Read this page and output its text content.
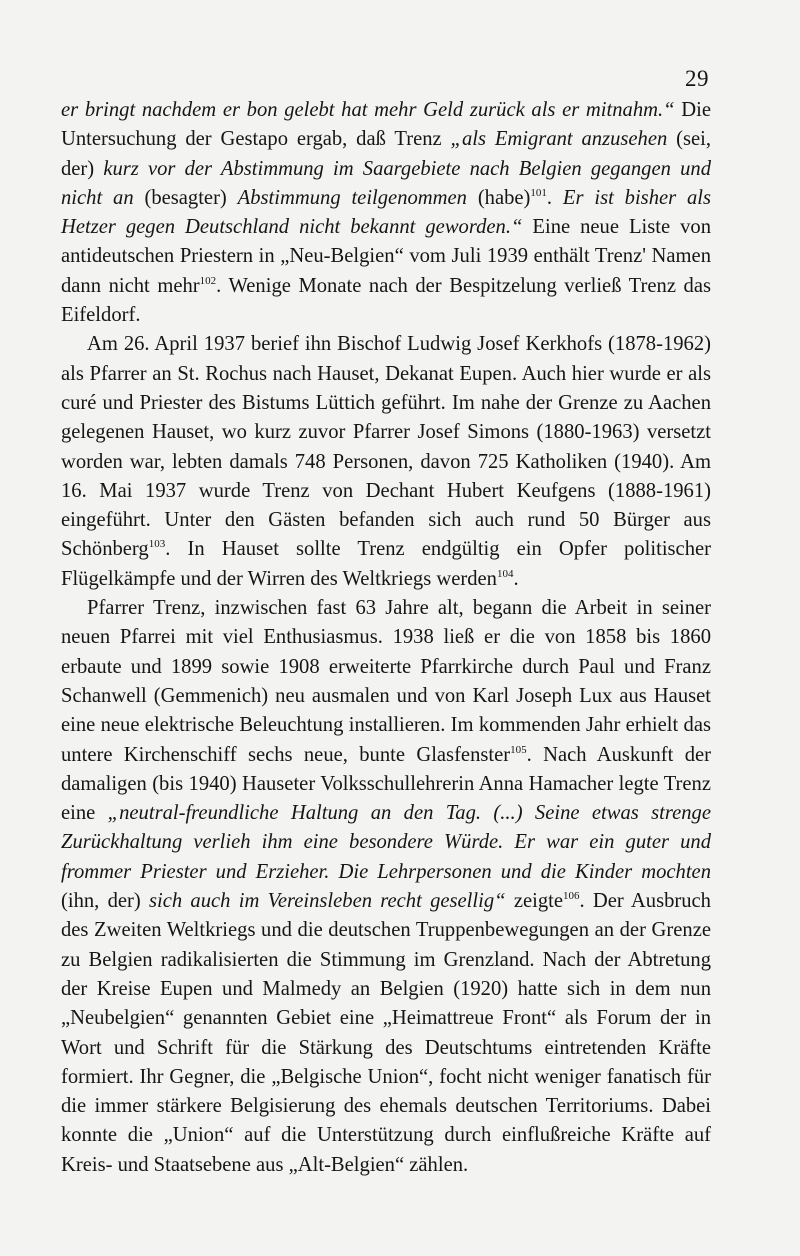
29

er bringt nachdem er bon gelebt hat mehr Geld zurück als er mitnahm.“ Die Untersuchung der Gestapo ergab, daß Trenz „als Emigrant anzusehen (sei, der) kurz vor der Abstimmung im Saargebiete nach Belgien gegangen und nicht an (besagter) Abstimmung teilgenommen (habe)$^{101}$. Er ist bisher als Hetzer gegen Deutschland nicht bekannt geworden.“ Eine neue Liste von antideutschen Priestern in „Neu-Belgien“ vom Juli 1939 enthält Trenz' Namen dann nicht mehr$^{102}$. Wenige Monate nach der Bespitzelung verließ Trenz das Eifeldorf.

Am 26. April 1937 berief ihn Bischof Ludwig Josef Kerkhofs (1878-1962) als Pfarrer an St. Rochus nach Hauset, Dekanat Eupen. Auch hier wurde er als curé und Priester des Bistums Lüttich geführt. Im nahe der Grenze zu Aachen gelegenen Hauset, wo kurz zuvor Pfarrer Josef Simons (1880-1963) versetzt worden war, lebten damals 748 Personen, davon 725 Katholiken (1940). Am 16. Mai 1937 wurde Trenz von Dechant Hubert Keufgens (1888-1961) eingeführt. Unter den Gästen befanden sich auch rund 50 Bürger aus Schönberg$^{103}$. In Hauset sollte Trenz endgültig ein Opfer politischer Flügelkämpfe und der Wirren des Weltkriegs werden$^{104}$.

Pfarrer Trenz, inzwischen fast 63 Jahre alt, begann die Arbeit in seiner neuen Pfarrei mit viel Enthusiasmus. 1938 ließ er die von 1858 bis 1860 erbaute und 1899 sowie 1908 erweiterte Pfarrkirche durch Paul und Franz Schanwell (Gemmenich) neu ausmalen und von Karl Joseph Lux aus Hauset eine neue elektrische Beleuchtung installieren. Im kommenden Jahr erhielt das untere Kirchenschiff sechs neue, bunte Glasfenster$^{105}$. Nach Auskunft der damaligen (bis 1940) Hauseter Volksschullehrerin Anna Hamacher legte Trenz eine „neutral-freundliche Haltung an den Tag. (...) Seine etwas strenge Zurückhaltung verlieh ihm eine besondere Würde. Er war ein guter und frommer Priester und Erzieher. Die Lehrpersonen und die Kinder mochten (ihn, der) sich auch im Vereinsleben recht gesellig“ zeigte$^{106}$. Der Ausbruch des Zweiten Weltkriegs und die deutschen Truppenbewegungen an der Grenze zu Belgien radikalisierten die Stimmung im Grenzland. Nach der Abtretung der Kreise Eupen und Malmedy an Belgien (1920) hatte sich in dem nun „Neubelgien“ genannten Gebiet eine „Heimattreue Front“ als Forum der in Wort und Schrift für die Stärkung des Deutschtums eintretenden Kräfte formiert. Ihr Gegner, die „Belgische Union“, focht nicht weniger fanatisch für die immer stärkere Belgisierung des ehemals deutschen Territoriums. Dabei konnte die „Union“ auf die Unterstützung durch einflußreiche Kräfte auf Kreis- und Staatsebene aus „Alt-Belgien“ zählen.
